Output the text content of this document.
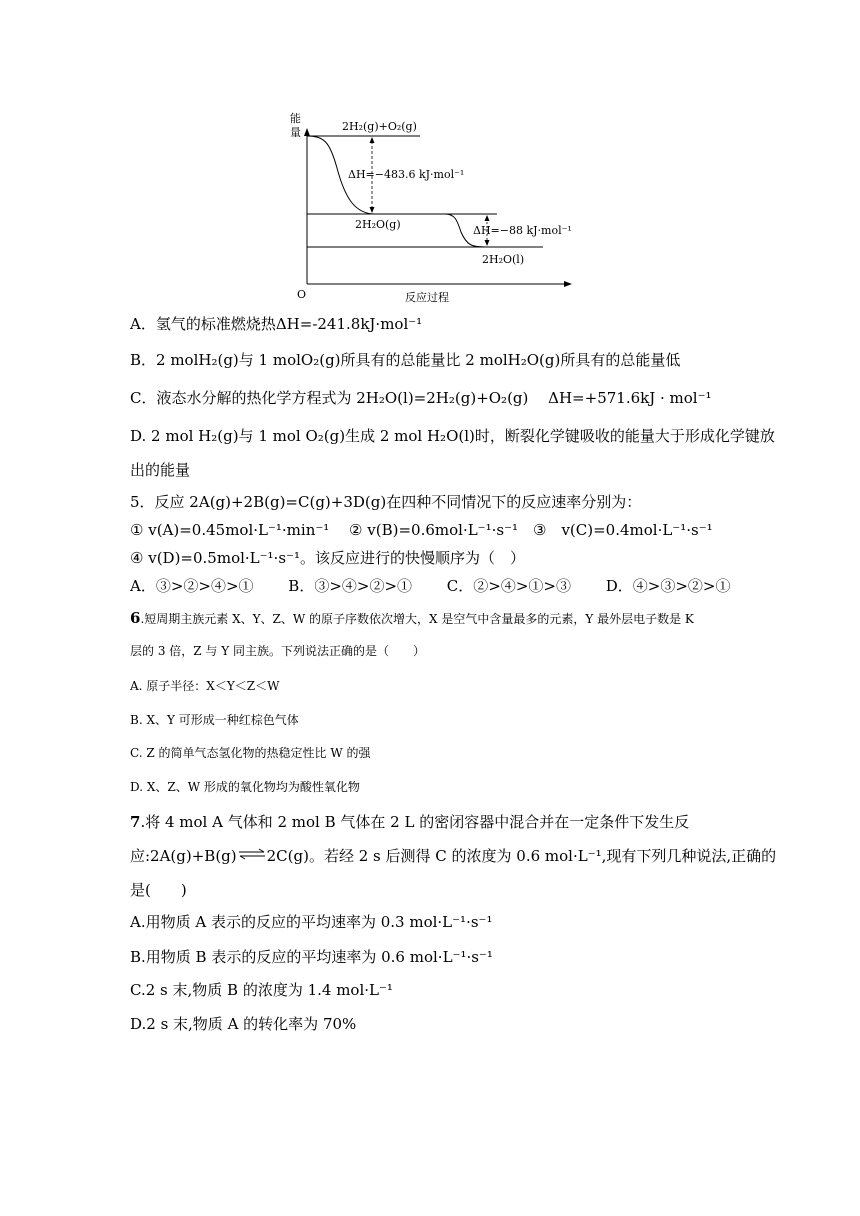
能
量
O	反应过程
2H₂(g)+O₂(g)
ΔH=−483.6 kJ·mol⁻¹
2H₂O(g)	ΔH=−88 kJ·mol⁻¹
2H₂O(l)
A．氢气的标准燃烧热ΔH=-241.8kJ·mol⁻¹
B．2 molH₂(g)与 1 molO₂(g)所具有的总能量比 2 molH₂O(g)所具有的总能量低
C．液态水分解的热化学方程式为 2H₂O(l)=2H₂(g)+O₂(g)　 ΔH=+571.6kJ · mol⁻¹
D. 2 mol H₂(g)与 1 mol O₂(g)生成 2 mol H₂O(l)时，断裂化学键吸收的能量大于形成化学键放
出的能量
5．反应 2A(g)+2B(g)=C(g)+3D(g)在四种不同情况下的反应速率分别为：
① v(A)=0.45mol·L⁻¹·min⁻¹　 ② v(B)=0.6mol·L⁻¹·s⁻¹　③　v(C)=0.4mol·L⁻¹·s⁻¹
④ v(D)=0.5mol·L⁻¹·s⁻¹。该反应进行的快慢顺序为（　）
A．③>②>④>①　　 B．③>④>②>①　　 C．②>④>①>③　　 D．④>③>②>①
6.短周期主族元素 X、Y、Z、W 的原子序数依次增大，X 是空气中含量最多的元素，Y 最外层电子数是 K
层的 3 倍，Z 与 Y 同主族。下列说法正确的是（　　）
A. 原子半径：X＜Y＜Z＜W
B. X、Y 可形成一种红棕色气体
C. Z 的简单气态氢化物的热稳定性比 W 的强
D. X、Z、W 形成的氧化物均为酸性氧化物
7.将 4 mol A 气体和 2 mol B 气体在 2 L 的密闭容器中混合并在一定条件下发生反
应:2A(g)+B(g)⇌2C(g)。若经 2 s 后测得 C 的浓度为 0.6 mol·L⁻¹,现有下列几种说法,正确的
是(　　)
A.用物质 A 表示的反应的平均速率为 0.3 mol·L⁻¹·s⁻¹
B.用物质 B 表示的反应的平均速率为 0.6 mol·L⁻¹·s⁻¹
C.2 s 末,物质 B 的浓度为 1.4 mol·L⁻¹
D.2 s 末,物质 A 的转化率为 70%
